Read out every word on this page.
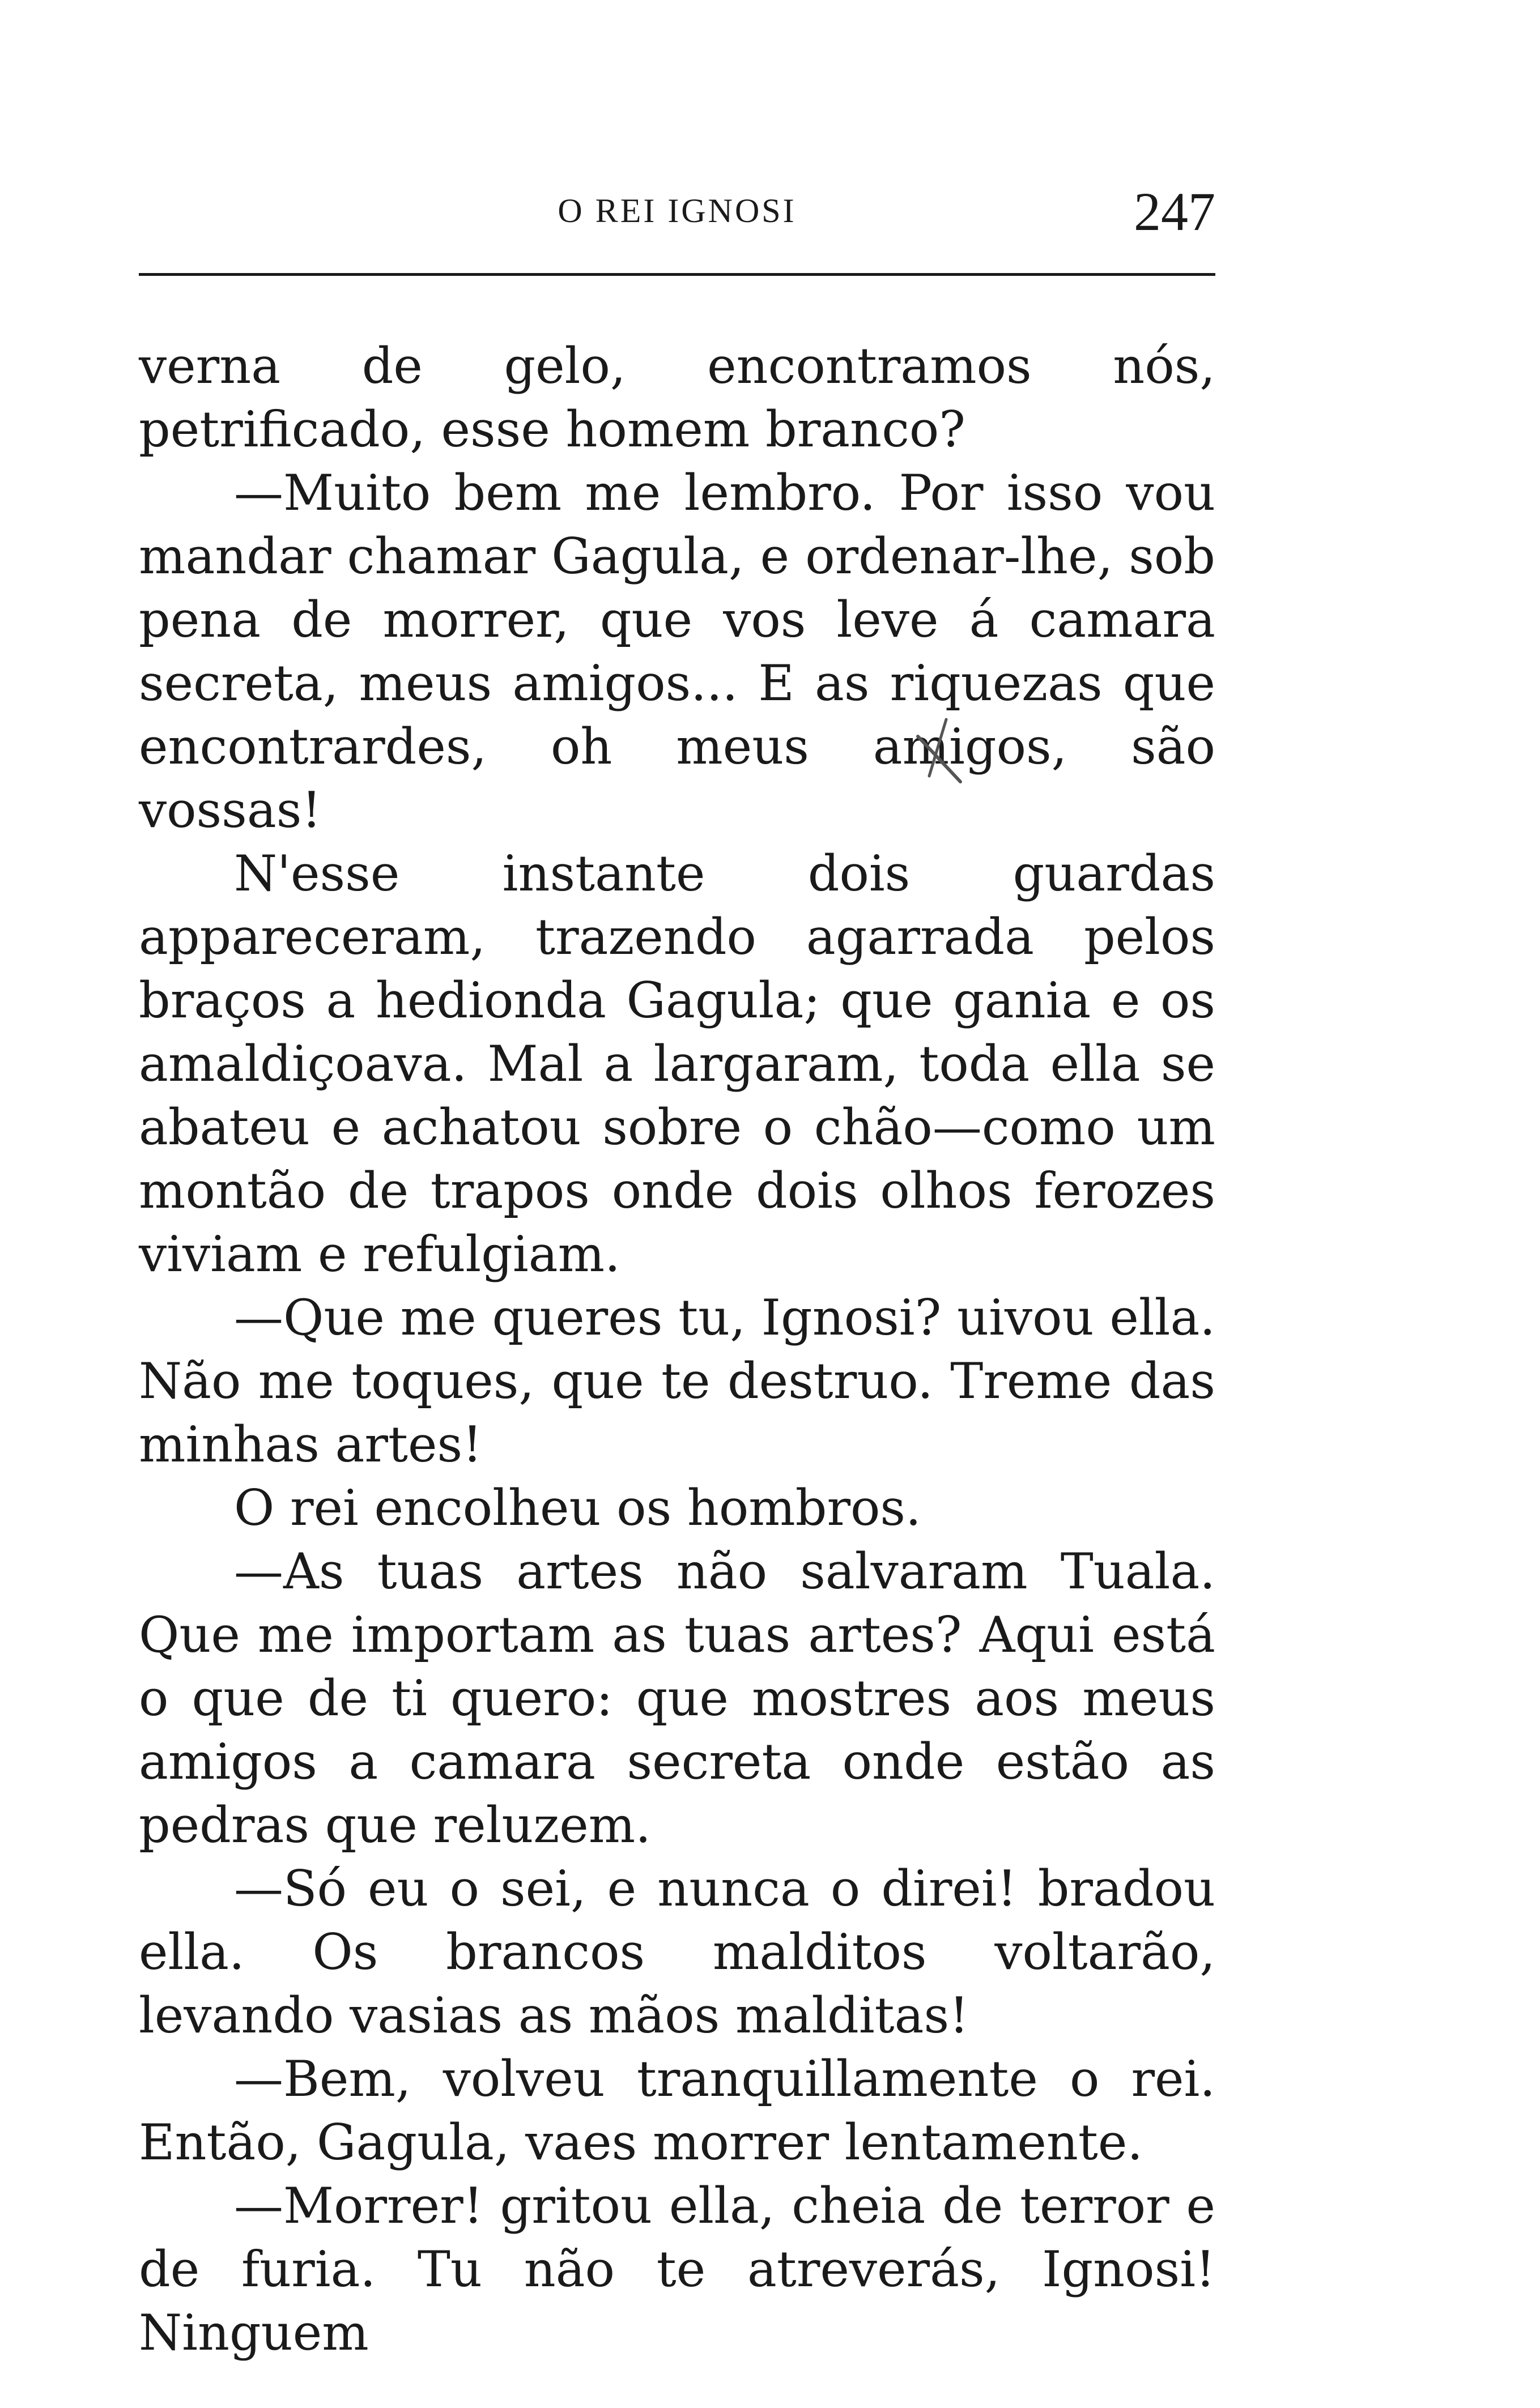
O REI IGNOSI	247

verna de gelo, encontramos nós, petrificado, esse homem branco?

—Muito bem me lembro. Por isso vou mandar chamar Gagula, e ordenar-lhe, sob pena de morrer, que vos leve á camara secreta, meus amigos... E as riquezas que encontrardes, oh meus amigos, são vossas!

N'esse instante dois guardas appareceram, trazendo agarrada pelos braços a hedionda Gagula; que gania e os amaldiçoava. Mal a largaram, toda ella se abateu e achatou sobre o chão—como um montão de trapos onde dois olhos ferozes viviam e refulgiam.

—Que me queres tu, Ignosi? uivou ella. Não me toques, que te destruo. Treme das minhas artes!

O rei encolheu os hombros.

—As tuas artes não salvaram Tuala. Que me importam as tuas artes? Aqui está o que de ti quero: que mostres aos meus amigos a camara secreta onde estão as pedras que reluzem.

—Só eu o sei, e nunca o direi! bradou ella. Os brancos malditos voltarão, levando vasias as mãos malditas!

—Bem, volveu tranquillamente o rei. Então, Gagula, vaes morrer lentamente.

—Morrer! gritou ella, cheia de terror e de furia. Tu não te atreverás, Ignosi! Ninguem
